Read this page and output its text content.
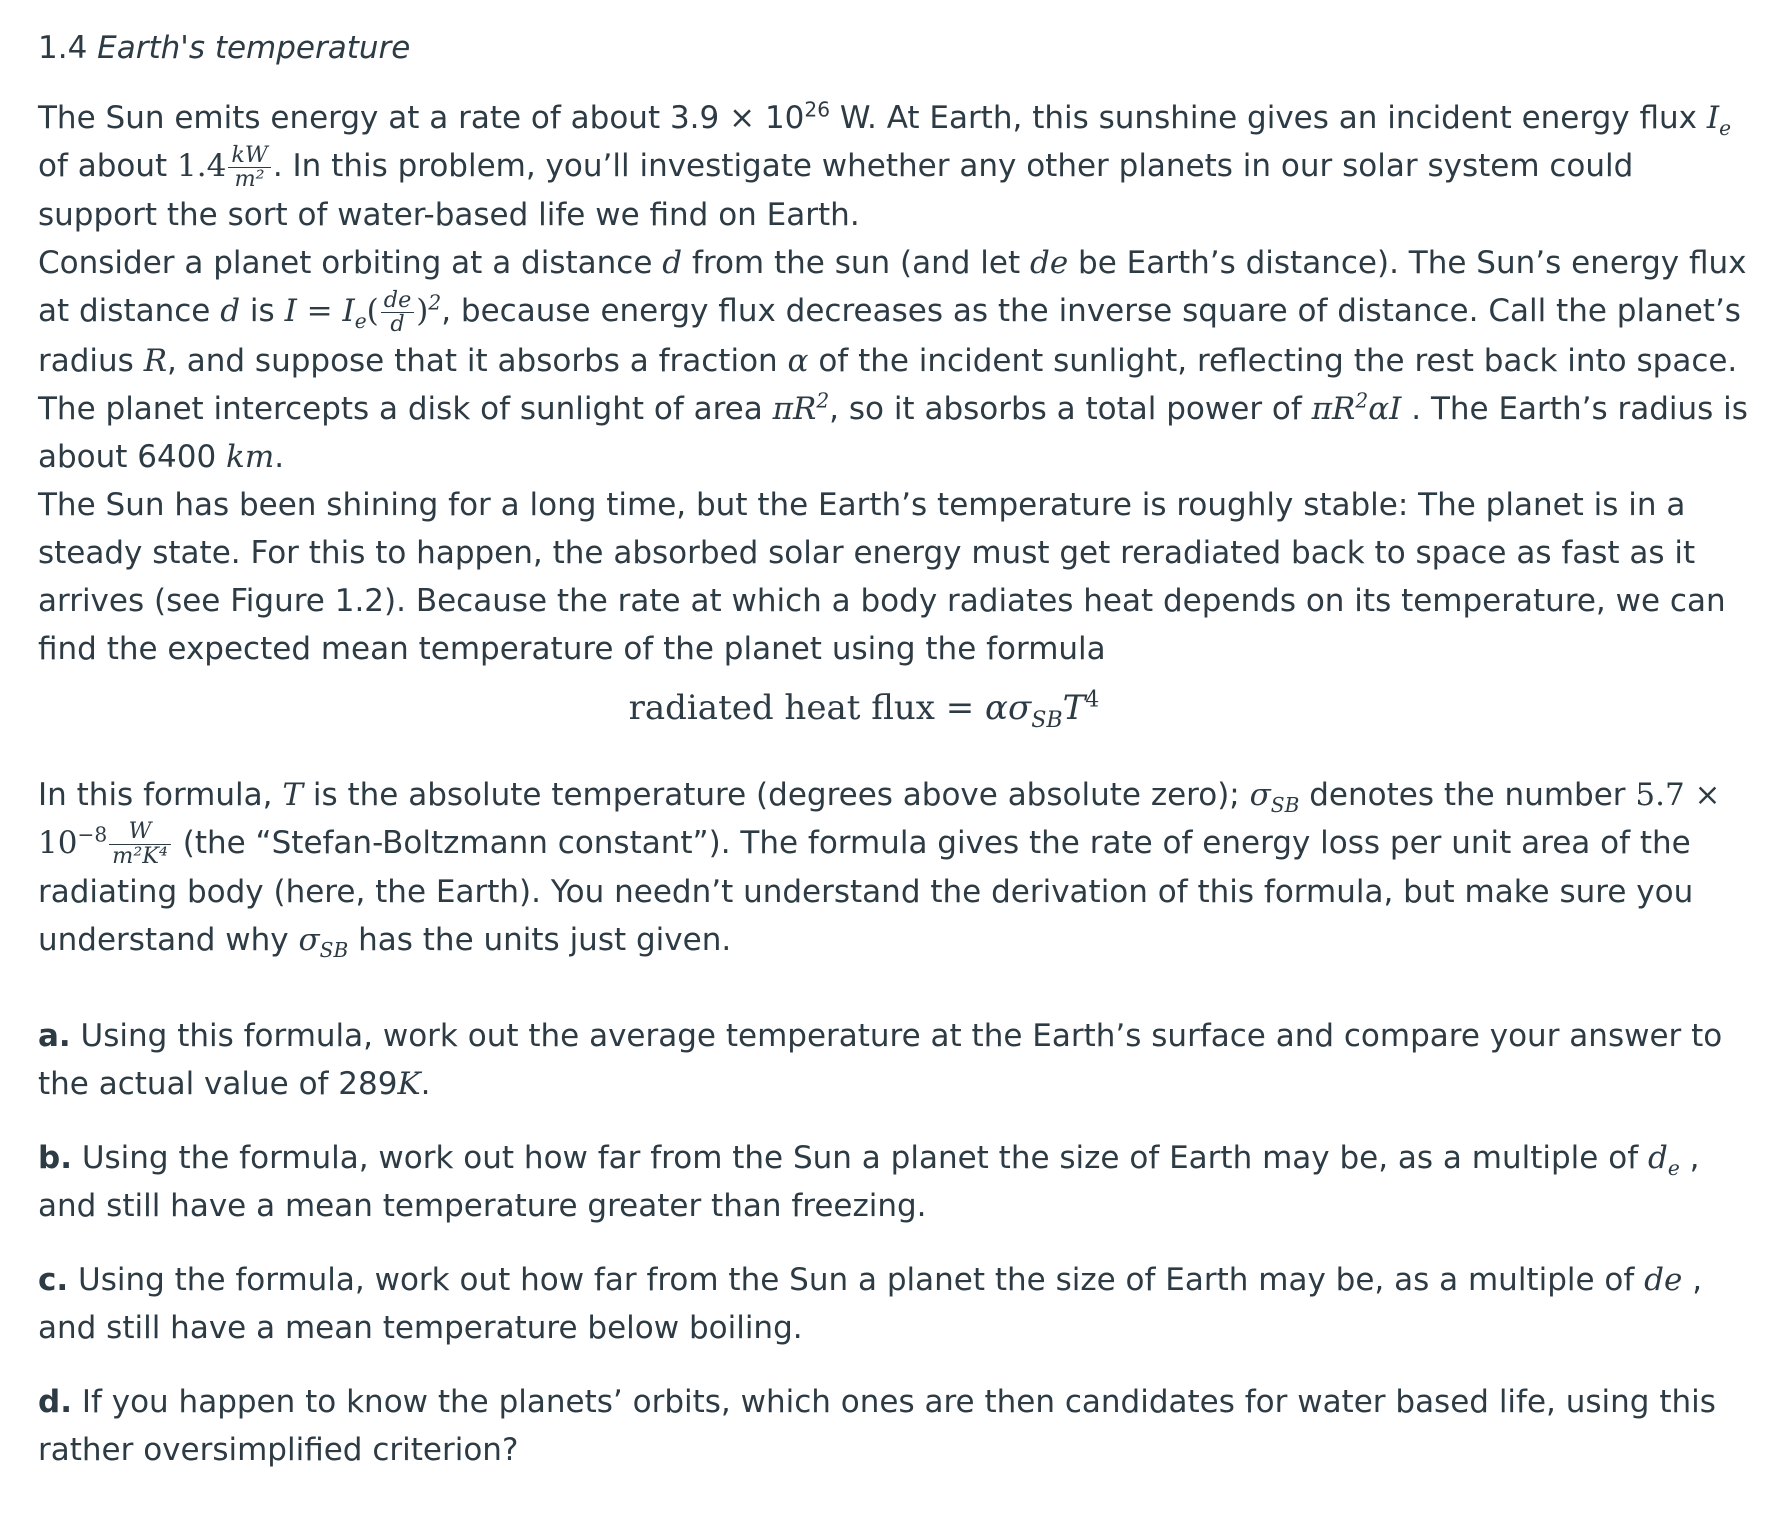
1.4 Earth's temperature

The Sun emits energy at a rate of about $3.9 \times 10^{26}$ W. At Earth, this sunshine gives an incident energy flux $I_e$ of about $1.4 \frac{kW}{\text{m²}}$ . In this problem, you’ll investigate whether any other planets in our solar system could support the sort of water-based life we find on Earth.

Consider a planet orbiting at a distance d from the sun (and let de be Earth’s distance). The Sun’s energy flux at distance d is $I = I_e( \frac{de}{d} )^2$, because energy flux decreases as the inverse square of distance. Call the planet’s radius R, and suppose that it absorbs a fraction α of the incident sunlight, reflecting the rest back into space. The planet intercepts a disk of sunlight of area $\pi R^2$, so it absorbs a total power of $\pi R^2\alpha I$ . The Earth’s radius is about 6400 km.

The Sun has been shining for a long time, but the Earth’s temperature is roughly stable: The planet is in a steady state. For this to happen, the absorbed solar energy must get reradiated back to space as fast as it arrives (see Figure 1.2). Because the rate at which a body radiates heat depends on its temperature, we can find the expected mean temperature of the planet using the formula

radiated heat flux = $\alpha\sigma_{SB}T^4$

In this formula, T is the absolute temperature (degrees above absolute zero); $\sigma_{SB}$ denotes the number $5.7 \times 10^{-8} \frac{W}{\text{m²K⁴}} (the$ “Stefan-Boltzmann constant”). The formula gives the rate of energy loss per unit area of the radiating body (here, the Earth). You needn’t understand the derivation of this formula, but make sure you understand why $\sigma_{SB}$ has the units just given.

a. Using this formula, work out the average temperature at the Earth’s surface and compare your answer to the actual value of 289K.

b. Using the formula, work out how far from the Sun a planet the size of Earth may be, as a multiple of $d_e$ , and still have a mean temperature greater than freezing.

c. Using the formula, work out how far from the Sun a planet the size of Earth may be, as a multiple of de , and still have a mean temperature below boiling.

d. If you happen to know the planets’ orbits, which ones are then candidates for water based life, using this rather oversimplified criterion?
